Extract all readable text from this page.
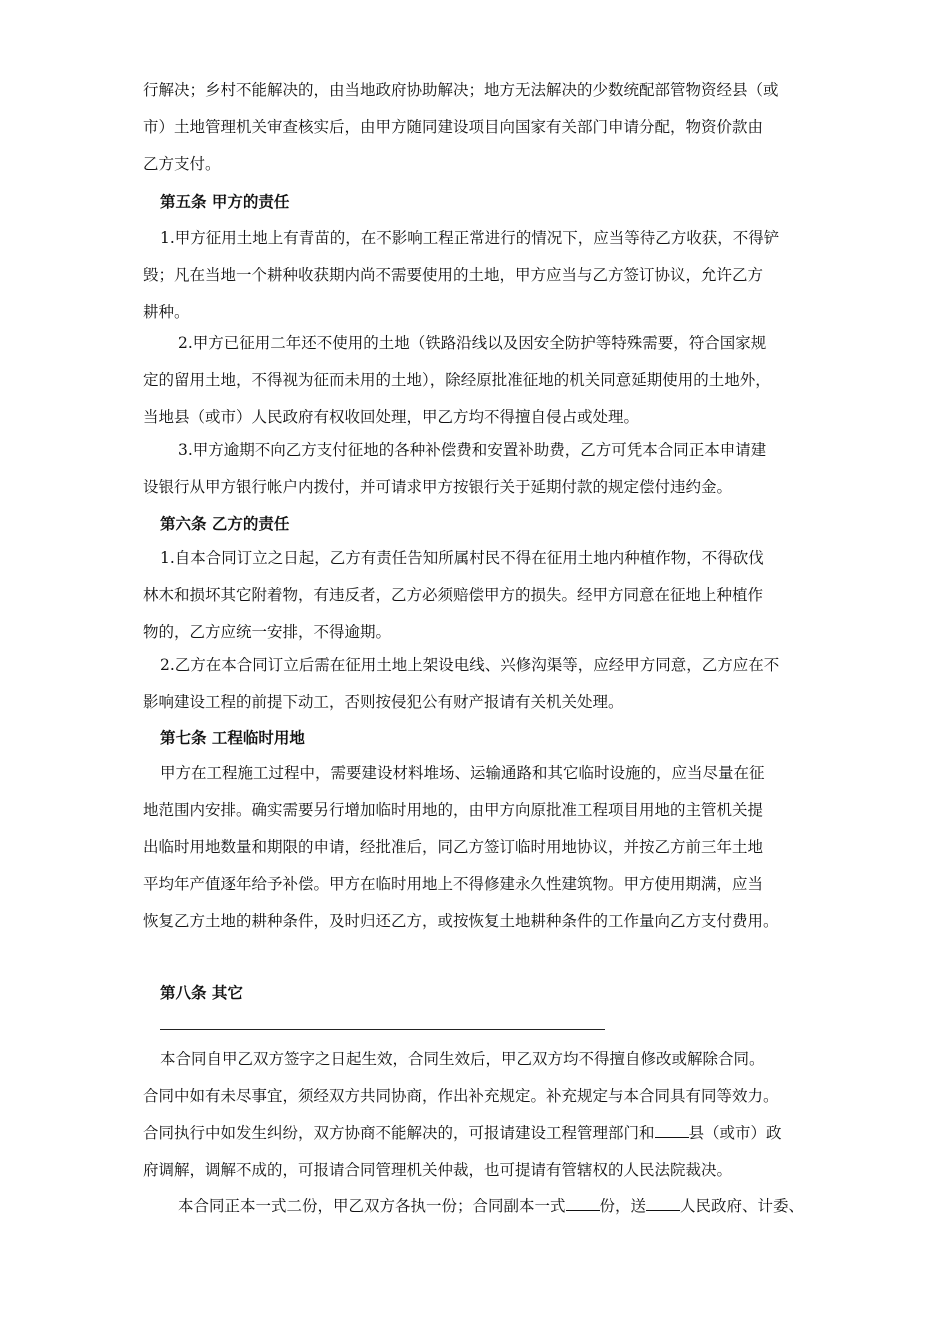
行解决；乡村不能解决的，由当地政府协助解决；地方无法解决的少数统配部管物资经县（或
市）土地管理机关审查核实后，由甲方随同建设项目向国家有关部门申请分配，物资价款由
乙方支付。
第五条 甲方的责任
1.甲方征用土地上有青苗的，在不影响工程正常进行的情况下，应当等待乙方收获，不得铲
毁；凡在当地一个耕种收获期内尚不需要使用的土地，甲方应当与乙方签订协议，允许乙方
耕种。
2.甲方已征用二年还不使用的土地（铁路沿线以及因安全防护等特殊需要，符合国家规
定的留用土地，不得视为征而未用的土地），除经原批准征地的机关同意延期使用的土地外，
当地县（或市）人民政府有权收回处理，甲乙方均不得擅自侵占或处理。
3.甲方逾期不向乙方支付征地的各种补偿费和安置补助费，乙方可凭本合同正本申请建
设银行从甲方银行帐户内拨付，并可请求甲方按银行关于延期付款的规定偿付违约金。
第六条 乙方的责任
1.自本合同订立之日起，乙方有责任告知所属村民不得在征用土地内种植作物，不得砍伐
林木和损坏其它附着物，有违反者，乙方必须赔偿甲方的损失。经甲方同意在征地上种植作
物的，乙方应统一安排，不得逾期。
2.乙方在本合同订立后需在征用土地上架设电线、兴修沟渠等，应经甲方同意，乙方应在不
影响建设工程的前提下动工，否则按侵犯公有财产报请有关机关处理。
第七条 工程临时用地
甲方在工程施工过程中，需要建设材料堆场、运输通路和其它临时设施的，应当尽量在征
地范围内安排。确实需要另行增加临时用地的，由甲方向原批准工程项目用地的主管机关提
出临时用地数量和期限的申请，经批准后，同乙方签订临时用地协议，并按乙方前三年土地
平均年产值逐年给予补偿。甲方在临时用地上不得修建永久性建筑物。甲方使用期满，应当
恢复乙方土地的耕种条件，及时归还乙方，或按恢复土地耕种条件的工作量向乙方支付费用。
第八条 其它
本合同自甲乙双方签字之日起生效，合同生效后，甲乙双方均不得擅自修改或解除合同。
合同中如有未尽事宜，须经双方共同协商，作出补充规定。补充规定与本合同具有同等效力。
合同执行中如发生纠纷，双方协商不能解决的，可报请建设工程管理部门和 县（或市）政
府调解，调解不成的，可报请合同管理机关仲裁，也可提请有管辖权的人民法院裁决。
本合同正本一式二份，甲乙双方各执一份；合同副本一式 份，送 人民政府、计委、
